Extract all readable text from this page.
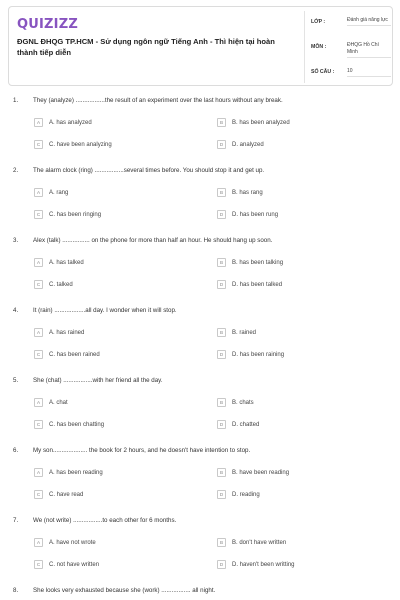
QUIZIZZ
ĐGNL ĐHQG TP.HCM - Sử dụng ngôn ngữ Tiếng Anh - Thì hiện tại hoàn thành tiếp diễn
LỚP :	Đánh giá năng lực
MÔN :	ĐHQG Hồ Chí Minh
SỐ CÂU :	10
1. They (analyze) .................the result of an experiment over the last hours without any break.
A	A. has analyzed	B	B. has been analyzed
C	C. have been analyzing	D	D. analyzed
2. The alarm clock (ring) .................several times before. You should stop it and get up.
A	A. rang	B	B. has rang
C	C. has been ringing	D	D. has been rung
3. Alex (talk) ................ on the phone for more than half an hour. He should hang up soon.
A	A. has talked	B	B. has been talking
C	C. talked	D	D. has been talked
4. It (rain) ..................all day. I wonder when it will stop.
A	A. has rained	B	B. rained
C	C. has been rained	D	D. has been raining
5. She (chat) .................with her friend all the day.
A	A. chat	B	B. chats
C	C. has been chatting	D	D. chatted
6. My son.................... the book for 2 hours, and he doesn't have intention to stop.
A	A. has been reading	B	B. have been reading
C	C. have read	D	D. reading
7. We (not write) .................to each other for 6 months.
A	A. have not wrote	B	B. don't have written
C	C. not have written	D	D. haven't been writting
8. She looks very exhausted because she (work) ................. all night.
